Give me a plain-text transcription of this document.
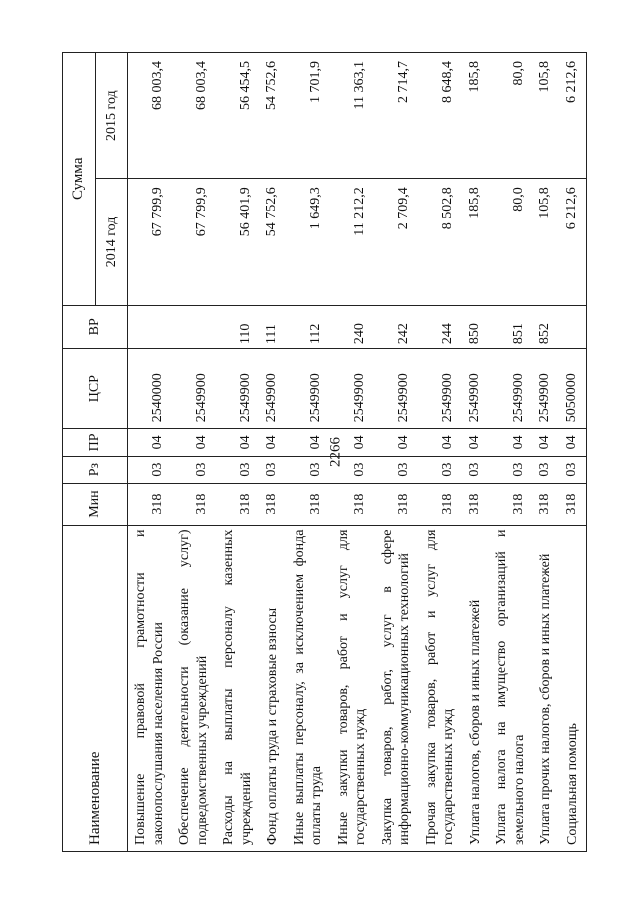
2266
Наименование	Мин	Рз	ПР	ЦСР	ВР	Сумма	
						2014 год	2015 год
Повышение правовой грамотности и законопослушания населения России	318	03	04	2540000		67 799,9	68 003,4
Обеспечение деятельности (оказание услуг) подведомственных учреждений	318	03	04	2549900		67 799,9	68 003,4
Расходы на выплаты персоналу казенных учреждений	318	03	04	2549900	110	56 401,9	56 454,5
Фонд оплаты труда и страховые взносы	318	03	04	2549900	111	54 752,6	54 752,6
Иные выплаты персоналу, за исключением фонда оплаты труда	318	03	04	2549900	112	1 649,3	1 701,9
Иные закупки товаров, работ и услуг для государственных нужд	318	03	04	2549900	240	11 212,2	11 363,1
Закупка товаров, работ, услуг в сфере информационно-коммуникационных технологий	318	03	04	2549900	242	2 709,4	2 714,7
Прочая закупка товаров, работ и услуг для государственных нужд	318	03	04	2549900	244	8 502,8	8 648,4
Уплата налогов, сборов и иных платежей	318	03	04	2549900	850	185,8	185,8
Уплата налога на имущество организаций и земельного налога	318	03	04	2549900	851	80,0	80,0
Уплата прочих налогов, сборов и иных платежей	318	03	04	2549900	852	105,8	105,8
Социальная помощь	318	03	04	5050000		6 212,6	6 212,6
